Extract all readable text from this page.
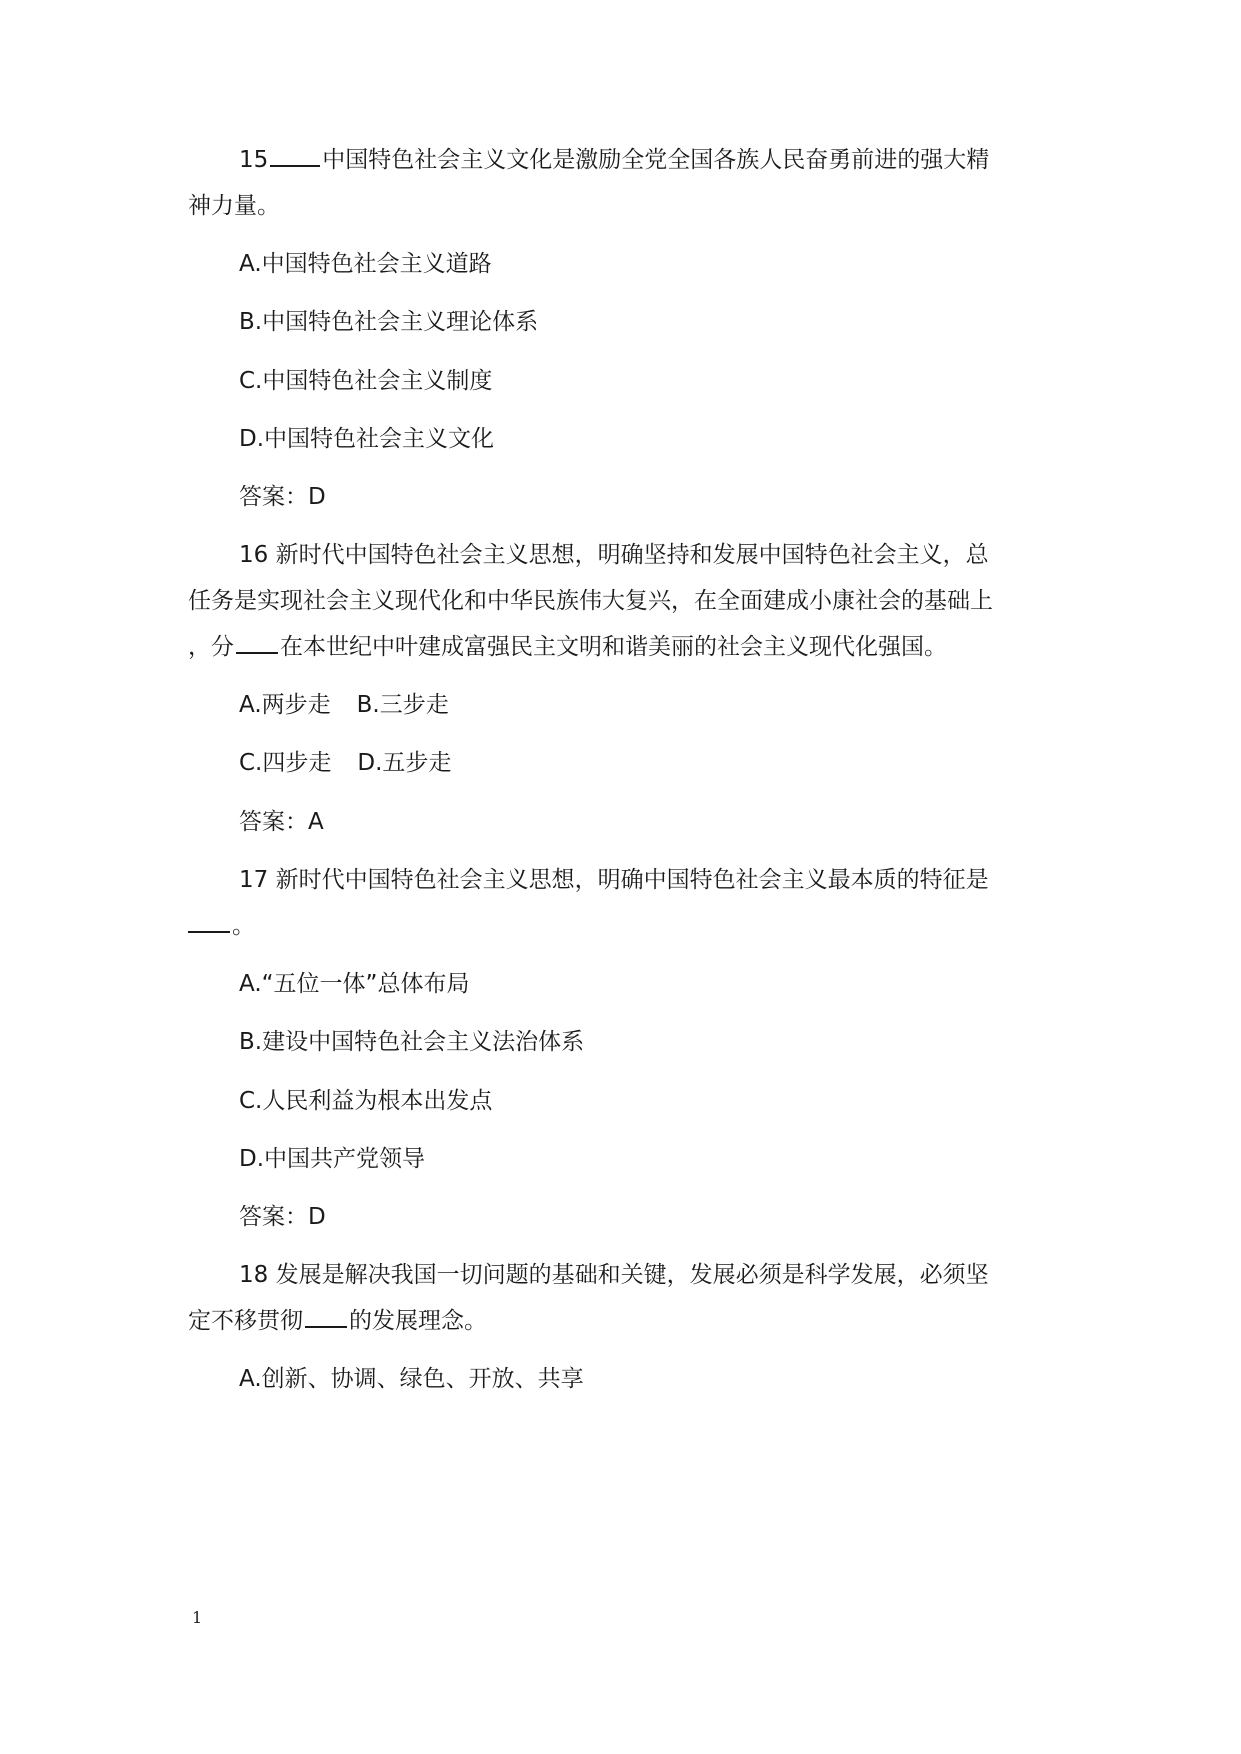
15 中国特色社会主义文化是激励全党全国各族人民奋勇前进的强大精

神力量。

A.中国特色社会主义道路

B.中国特色社会主义理论体系

C.中国特色社会主义制度

D.中国特色社会主义文化

答案：D

16 新时代中国特色社会主义思想，明确坚持和发展中国特色社会主义，总

任务是实现社会主义现代化和中华民族伟大复兴，在全面建成小康社会的基础上

，分 在本世纪中叶建成富强民主文明和谐美丽的社会主义现代化强国。

A.两步走 B.三步走

C.四步走 D.五步走

答案：A

17 新时代中国特色社会主义思想，明确中国特色社会主义最本质的特征是

。

A.“五位一体”总体布局

B.建设中国特色社会主义法治体系

C.人民利益为根本出发点

D.中国共产党领导

答案：D

18 发展是解决我国一切问题的基础和关键，发展必须是科学发展，必须坚

定不移贯彻 的发展理念。

A.创新、协调、绿色、开放、共享

1
